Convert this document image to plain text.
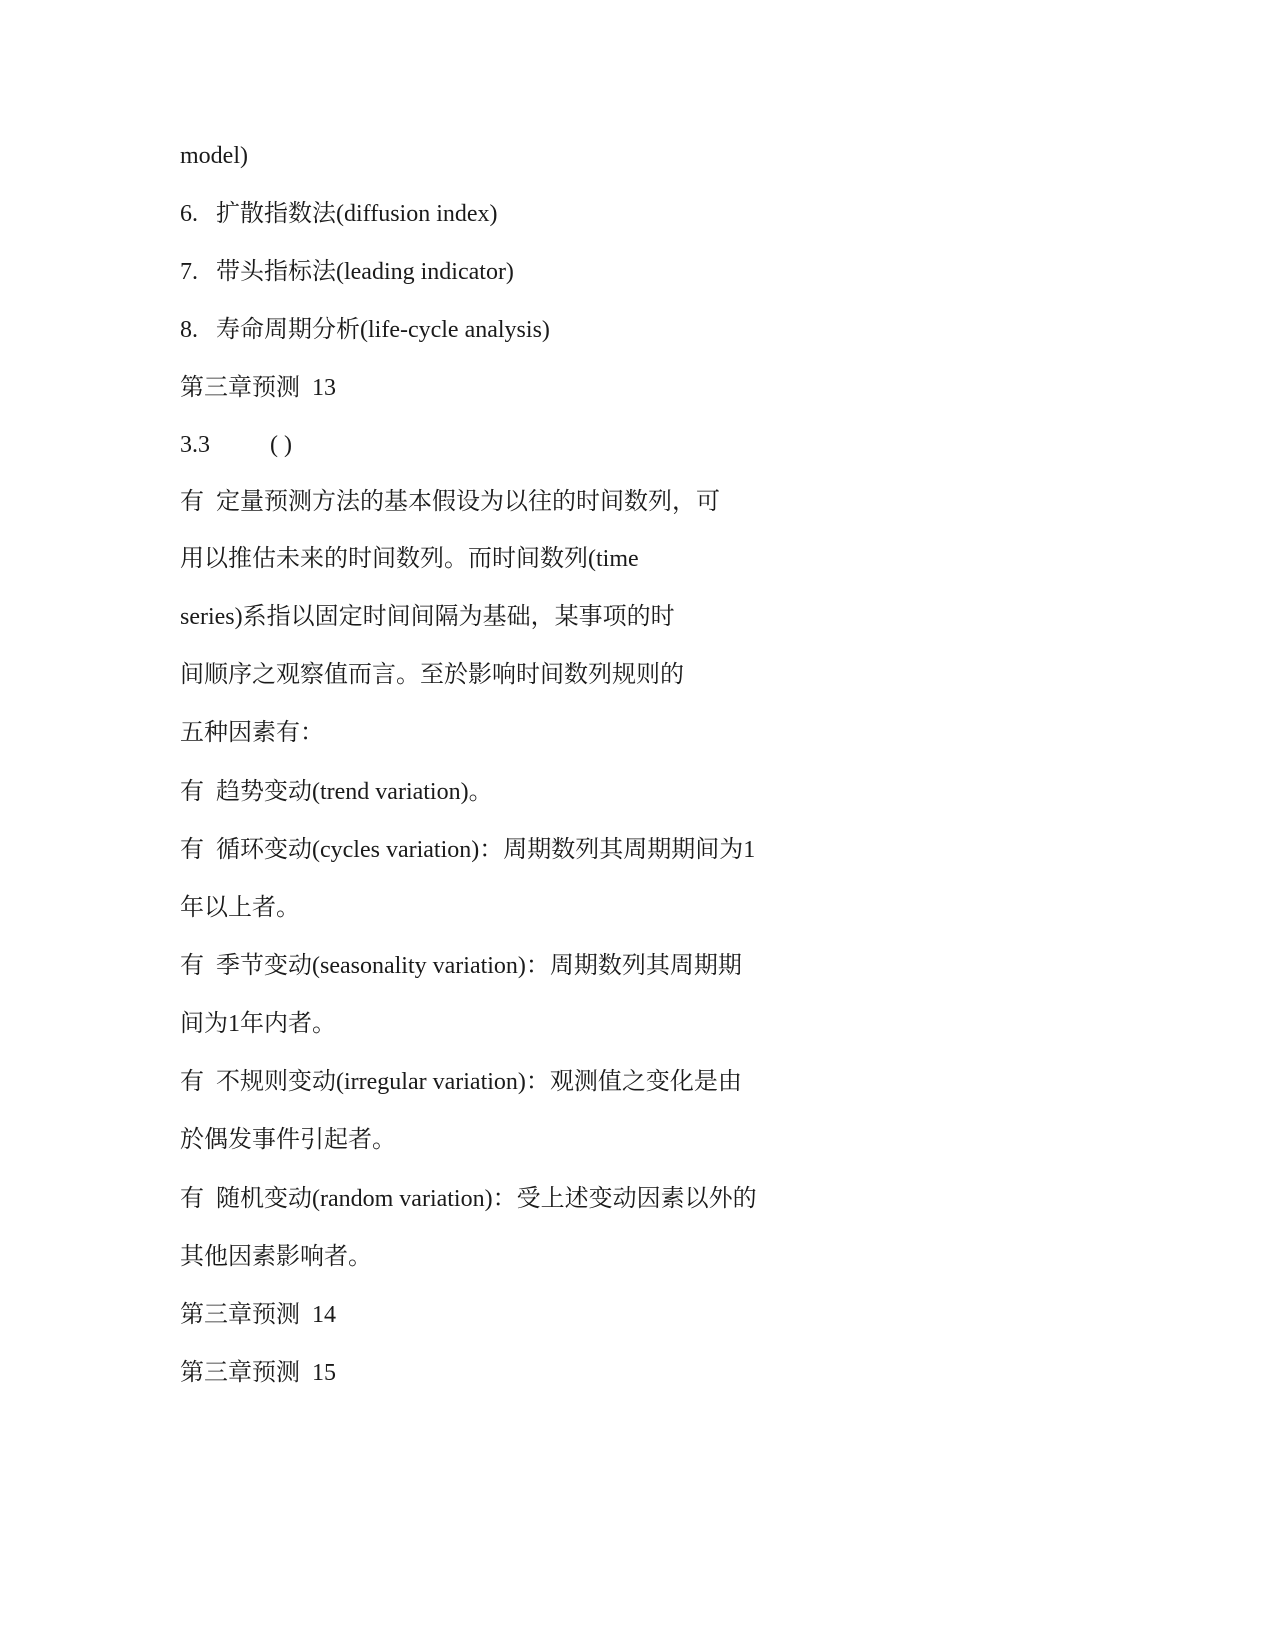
model)
6. 扩散指数法(diffusion index)
7. 带头指标法(leading indicator)
8. 寿命周期分析(life-cycle analysis)
第三章预测 13
3.3	( )
有 定量预测方法的基本假设为以往的时间数列，可
用以推估未来的时间数列。而时间数列(time
series)系指以固定时间间隔为基础，某事项的时
间顺序之观察值而言。至於影响时间数列规则的
五种因素有：
有 趋势变动(trend variation)。
有 循环变动(cycles variation)：周期数列其周期期间为1
年以上者。
有 季节变动(seasonality variation)：周期数列其周期期
间为1年内者。
有 不规则变动(irregular variation)：观测值之变化是由
於偶发事件引起者。
有 随机变动(random variation)：受上述变动因素以外的
其他因素影响者。
第三章预测 14
第三章预测 15
